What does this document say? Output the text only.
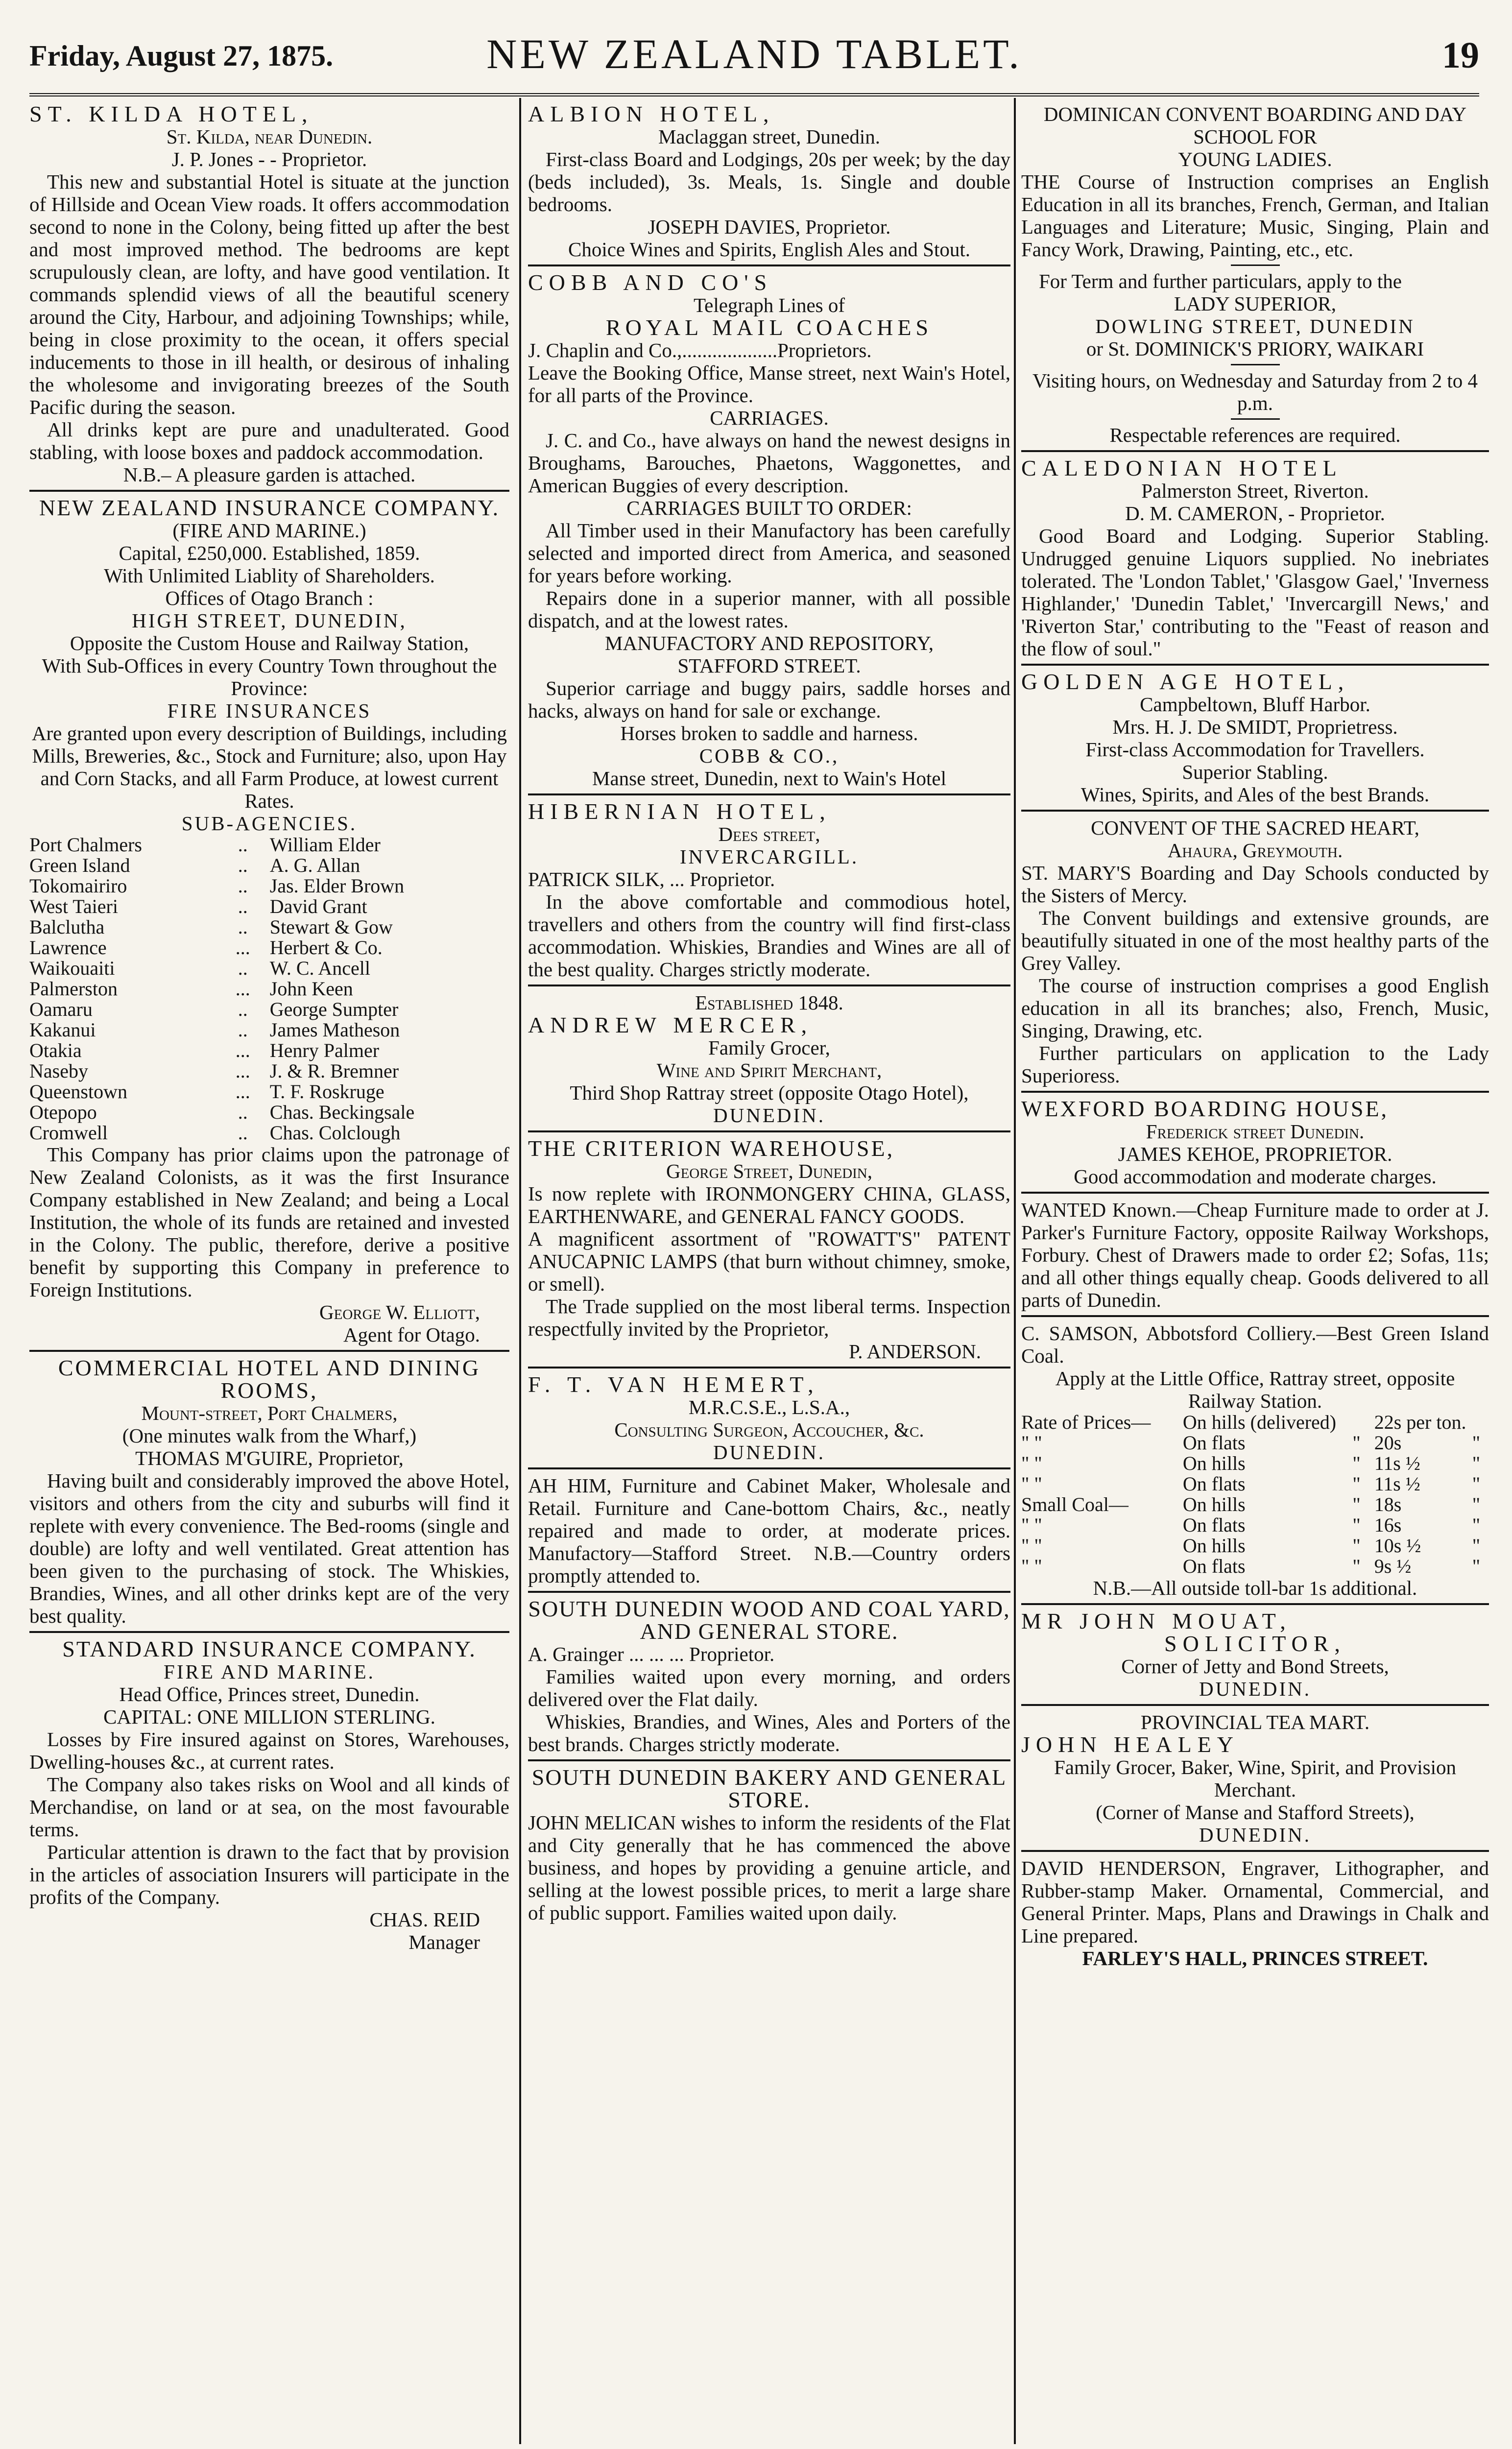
Friday, August 27, 1875.	NEW ZEALAND TABLET.	19
ST. KILDA HOTEL,
St. Kilda, near Dunedin.
J. P. Jones - - Proprietor.
This new and substantial Hotel is situate at the junction of Hillside and Ocean View roads. It offers accommodation second to none in the Colony, being fitted up after the best and most improved method. The bedrooms are kept scrupulously clean, are lofty, and have good ventilation. It commands splendid views of all the beautiful scenery around the City, Harbour, and adjoining Townships; while, being in close proximity to the ocean, it offers special inducements to those in ill health, or desirous of inhaling the wholesome and invigorating breezes of the South Pacific during the season.
All drinks kept are pure and unadulterated. Good stabling, with loose boxes and paddock accommodation.
N.B.– A pleasure garden is attached.
NEW ZEALAND INSURANCE COMPANY.
(FIRE AND MARINE.)
Capital, £250,000. Established, 1859.
With Unlimited Liablity of Shareholders.
Offices of Otago Branch :
HIGH STREET, DUNEDIN,
Opposite the Custom House and Railway Station,
With Sub-Offices in every Country Town throughout the Province:
FIRE INSURANCES
Are granted upon every description of Buildings, including Mills, Breweries, &c., Stock and Furniture; also, upon Hay and Corn Stacks, and all Farm Produce, at lowest current Rates.
SUB-AGENCIES.
Port Chalmers	..	William Elder
Green Island	..	A. G. Allan
Tokomairiro	..	Jas. Elder Brown
West Taieri	..	David Grant
Balclutha	..	Stewart & Gow
Lawrence	...	Herbert & Co.
Waikouaiti	..	W. C. Ancell
Palmerston	...	John Keen
Oamaru	..	George Sumpter
Kakanui	..	James Matheson
Otakia	...	Henry Palmer
Naseby	...	J. & R. Bremner
Queenstown	...	T. F. Roskruge
Otepopo	..	Chas. Beckingsale
Cromwell	..	Chas. Colclough
This Company has prior claims upon the patronage of New Zealand Colonists, as it was the first Insurance Company established in New Zealand; and being a Local Institution, the whole of its funds are retained and invested in the Colony. The public, therefore, derive a positive benefit by supporting this Company in preference to Foreign Institutions.
George W. Elliott,
Agent for Otago.
COMMERCIAL HOTEL AND DINING ROOMS,
Mount-street, Port Chalmers,
(One minutes walk from the Wharf,)
THOMAS M'GUIRE, Proprietor,
Having built and considerably improved the above Hotel, visitors and others from the city and suburbs will find it replete with every convenience. The Bed-rooms (single and double) are lofty and well ventilated. Great attention has been given to the purchasing of stock. The Whiskies, Brandies, Wines, and all other drinks kept are of the very best quality.
STANDARD INSURANCE COMPANY.
FIRE AND MARINE.
Head Office, Princes street, Dunedin.
CAPITAL: ONE MILLION STERLING.
Losses by Fire insured against on Stores, Warehouses, Dwelling-houses &c., at current rates.
The Company also takes risks on Wool and all kinds of Merchandise, on land or at sea, on the most favourable terms.
Particular attention is drawn to the fact that by provision in the articles of association Insurers will participate in the profits of the Company.
CHAS. REID
Manager
ALBION HOTEL,
Maclaggan street, Dunedin.
First-class Board and Lodgings, 20s per week; by the day (beds included), 3s. Meals, 1s. Single and double bedrooms.
JOSEPH DAVIES, Proprietor.
Choice Wines and Spirits, English Ales and Stout.
COBB AND CO'S
Telegraph Lines of
ROYAL MAIL COACHES
J. Chaplin and Co.,...................Proprietors.
Leave the Booking Office, Manse street, next Wain's Hotel, for all parts of the Province.
CARRIAGES.
J. C. and Co., have always on hand the newest designs in Broughams, Barouches, Phaetons, Waggonettes, and American Buggies of every description.
CARRIAGES BUILT TO ORDER:
All Timber used in their Manufactory has been carefully selected and imported direct from America, and seasoned for years before working.
Repairs done in a superior manner, with all possible dispatch, and at the lowest rates.
MANUFACTORY AND REPOSITORY,
STAFFORD STREET.
Superior carriage and buggy pairs, saddle horses and hacks, always on hand for sale or exchange.
Horses broken to saddle and harness.
COBB & CO.,
Manse street, Dunedin, next to Wain's Hotel
HIBERNIAN HOTEL,
Dees street,
INVERCARGILL.
PATRICK SILK, ... Proprietor.
In the above comfortable and commodious hotel, travellers and others from the country will find first-class accommodation. Whiskies, Brandies and Wines are all of the best quality. Charges strictly moderate.
Established 1848.
ANDREW MERCER,
Family Grocer,
Wine and Spirit Merchant,
Third Shop Rattray street (opposite Otago Hotel),
DUNEDIN.
THE CRITERION WAREHOUSE,
George Street, Dunedin,
Is now replete with IRONMONGERY CHINA, GLASS, EARTHENWARE, and GENERAL FANCY GOODS.
A magnificent assortment of "ROWATT'S" PATENT ANUCAPNIC LAMPS (that burn without chimney, smoke, or smell).
The Trade supplied on the most liberal terms. Inspection respectfully invited by the Proprietor,
P. ANDERSON.
F. T. VAN HEMERT,
M.R.C.S.E., L.S.A.,
Consulting Surgeon, Accoucher, &c.
DUNEDIN.
AH HIM, Furniture and Cabinet Maker, Wholesale and Retail. Furniture and Cane-bottom Chairs, &c., neatly repaired and made to order, at moderate prices. Manufactory—Stafford Street. N.B.—Country orders promptly attended to.
SOUTH DUNEDIN WOOD AND COAL YARD, AND GENERAL STORE.
A. Grainger ... ... ... Proprietor.
Families waited upon every morning, and orders delivered over the Flat daily.
Whiskies, Brandies, and Wines, Ales and Porters of the best brands. Charges strictly moderate.
SOUTH DUNEDIN BAKERY AND GENERAL STORE.
JOHN MELICAN wishes to inform the residents of the Flat and City generally that he has commenced the above business, and hopes by providing a genuine article, and selling at the lowest possible prices, to merit a large share of public support. Families waited upon daily.
DOMINICAN CONVENT BOARDING AND DAY SCHOOL FOR
YOUNG LADIES.
THE Course of Instruction comprises an English Education in all its branches, French, German, and Italian Languages and Literature; Music, Singing, Plain and Fancy Work, Drawing, Painting, etc., etc.
For Term and further particulars, apply to the
LADY SUPERIOR,
DOWLING STREET, DUNEDIN
or St. DOMINICK'S PRIORY, WAIKARI
Visiting hours, on Wednesday and Saturday from 2 to 4 p.m.
Respectable references are required.
CALEDONIAN HOTEL
Palmerston Street, Riverton.
D. M. CAMERON, - Proprietor.
Good Board and Lodging. Superior Stabling. Undrugged genuine Liquors supplied. No inebriates tolerated. The 'London Tablet,' 'Glasgow Gael,' 'Inverness Highlander,' 'Dunedin Tablet,' 'Invercargill News,' and 'Riverton Star,' contributing to the "Feast of reason and the flow of soul."
GOLDEN AGE HOTEL,
Campbeltown, Bluff Harbor.
Mrs. H. J. De SMIDT, Proprietress.
First-class Accommodation for Travellers.
Superior Stabling.
Wines, Spirits, and Ales of the best Brands.
CONVENT OF THE SACRED HEART,
Ahaura, Greymouth.
ST. MARY'S Boarding and Day Schools conducted by the Sisters of Mercy.
The Convent buildings and extensive grounds, are beautifully situated in one of the most healthy parts of the Grey Valley.
The course of instruction comprises a good English education in all its branches; also, French, Music, Singing, Drawing, etc.
Further particulars on application to the Lady Superioress.
WEXFORD BOARDING HOUSE,
Frederick street Dunedin.
JAMES KEHOE, PROPRIETOR.
Good accommodation and moderate charges.
WANTED Known.—Cheap Furniture made to order at J. Parker's Furniture Factory, opposite Railway Workshops, Forbury. Chest of Drawers made to order £2; Sofas, 11s; and all other things equally cheap. Goods delivered to all parts of Dunedin.
C. SAMSON, Abbotsford Colliery.—Best Green Island Coal.
Apply at the Little Office, Rattray street, opposite Railway Station.
Rate of Prices—	On hills (delivered)		22s per ton.	
" "	On flats	"	20s	"
" "	On hills	"	11s ½	"
" "	On flats	"	11s ½	"
Small Coal—	On hills	"	18s	"
" "	On flats	"	16s	"
" "	On hills	"	10s ½	"
" "	On flats	"	9s ½	"
N.B.—All outside toll-bar 1s additional.
MR JOHN MOUAT,
SOLICITOR,
Corner of Jetty and Bond Streets,
DUNEDIN.
PROVINCIAL TEA MART.
JOHN HEALEY
Family Grocer, Baker, Wine, Spirit, and Provision Merchant.
(Corner of Manse and Stafford Streets),
DUNEDIN.
DAVID HENDERSON, Engraver, Lithographer, and Rubber-stamp Maker. Ornamental, Commercial, and General Printer. Maps, Plans and Drawings in Chalk and Line prepared.
FARLEY'S HALL, PRINCES STREET.
